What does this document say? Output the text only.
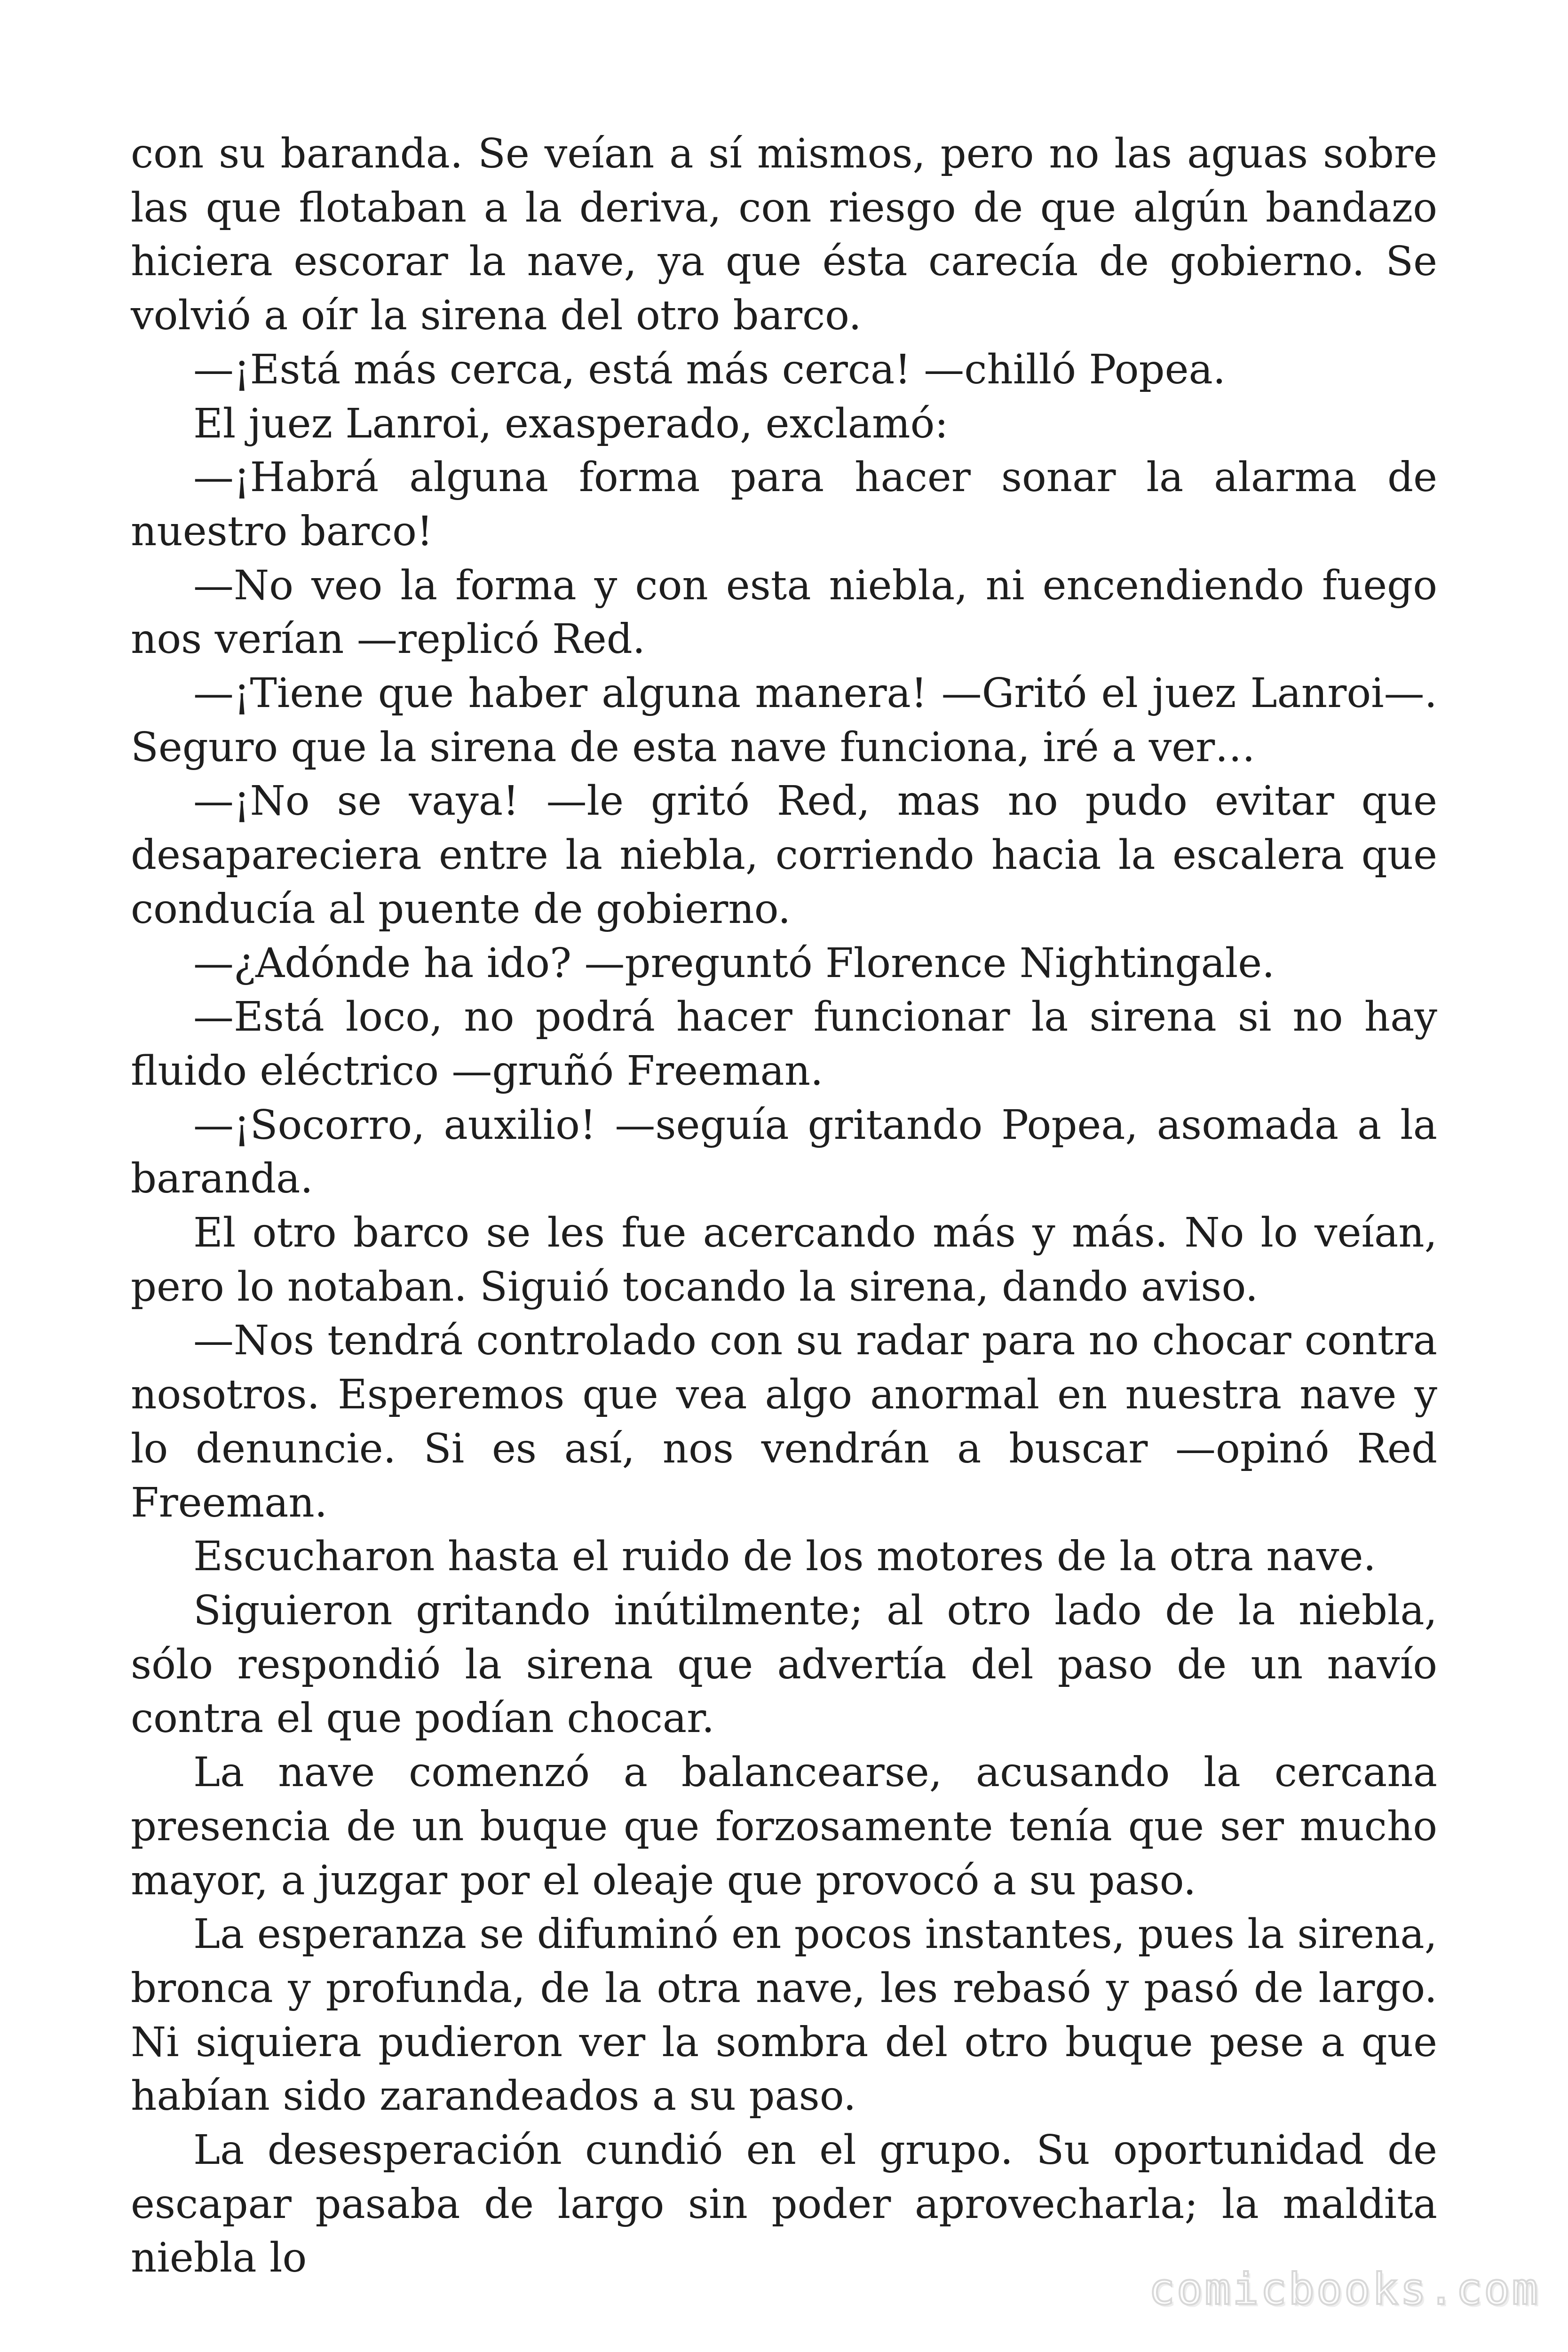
con su baranda. Se veían a sí mismos, pero no las aguas sobre las que flotaban a la deriva, con riesgo de que algún bandazo hiciera escorar la nave, ya que ésta carecía de gobierno. Se volvió a oír la sirena del otro barco.

—¡Está más cerca, está más cerca! —chilló Popea.

El juez Lanroi, exasperado, exclamó:

—¡Habrá alguna forma para hacer sonar la alarma de nuestro barco!

—No veo la forma y con esta niebla, ni encendiendo fuego nos verían —replicó Red.

—¡Tiene que haber alguna manera! —Gritó el juez Lanroi—. Seguro que la sirena de esta nave funciona, iré a ver…

—¡No se vaya! —le gritó Red, mas no pudo evitar que desapareciera entre la niebla, corriendo hacia la escalera que conducía al puente de gobierno.

—¿Adónde ha ido? —preguntó Florence Nightingale.

—Está loco, no podrá hacer funcionar la sirena si no hay fluido eléctrico —gruñó Freeman.

—¡Socorro, auxilio! —seguía gritando Popea, asomada a la baranda.

El otro barco se les fue acercando más y más. No lo veían, pero lo notaban. Siguió tocando la sirena, dando aviso.

—Nos tendrá controlado con su radar para no chocar contra nosotros. Esperemos que vea algo anormal en nuestra nave y lo denuncie. Si es así, nos vendrán a buscar —opinó Red Freeman.

Escucharon hasta el ruido de los motores de la otra nave.

Siguieron gritando inútilmente; al otro lado de la niebla, sólo respondió la sirena que advertía del paso de un navío contra el que podían chocar.

La nave comenzó a balancearse, acusando la cercana presencia de un buque que forzosamente tenía que ser mucho mayor, a juzgar por el oleaje que provocó a su paso.

La esperanza se difuminó en pocos instantes, pues la sirena, bronca y profunda, de la otra nave, les rebasó y pasó de largo. Ni siquiera pudieron ver la sombra del otro buque pese a que habían sido zarandeados a su paso.

La desesperación cundió en el grupo. Su oportunidad de escapar pasaba de largo sin poder aprovecharla; la maldita niebla lo

comicbooks.com
